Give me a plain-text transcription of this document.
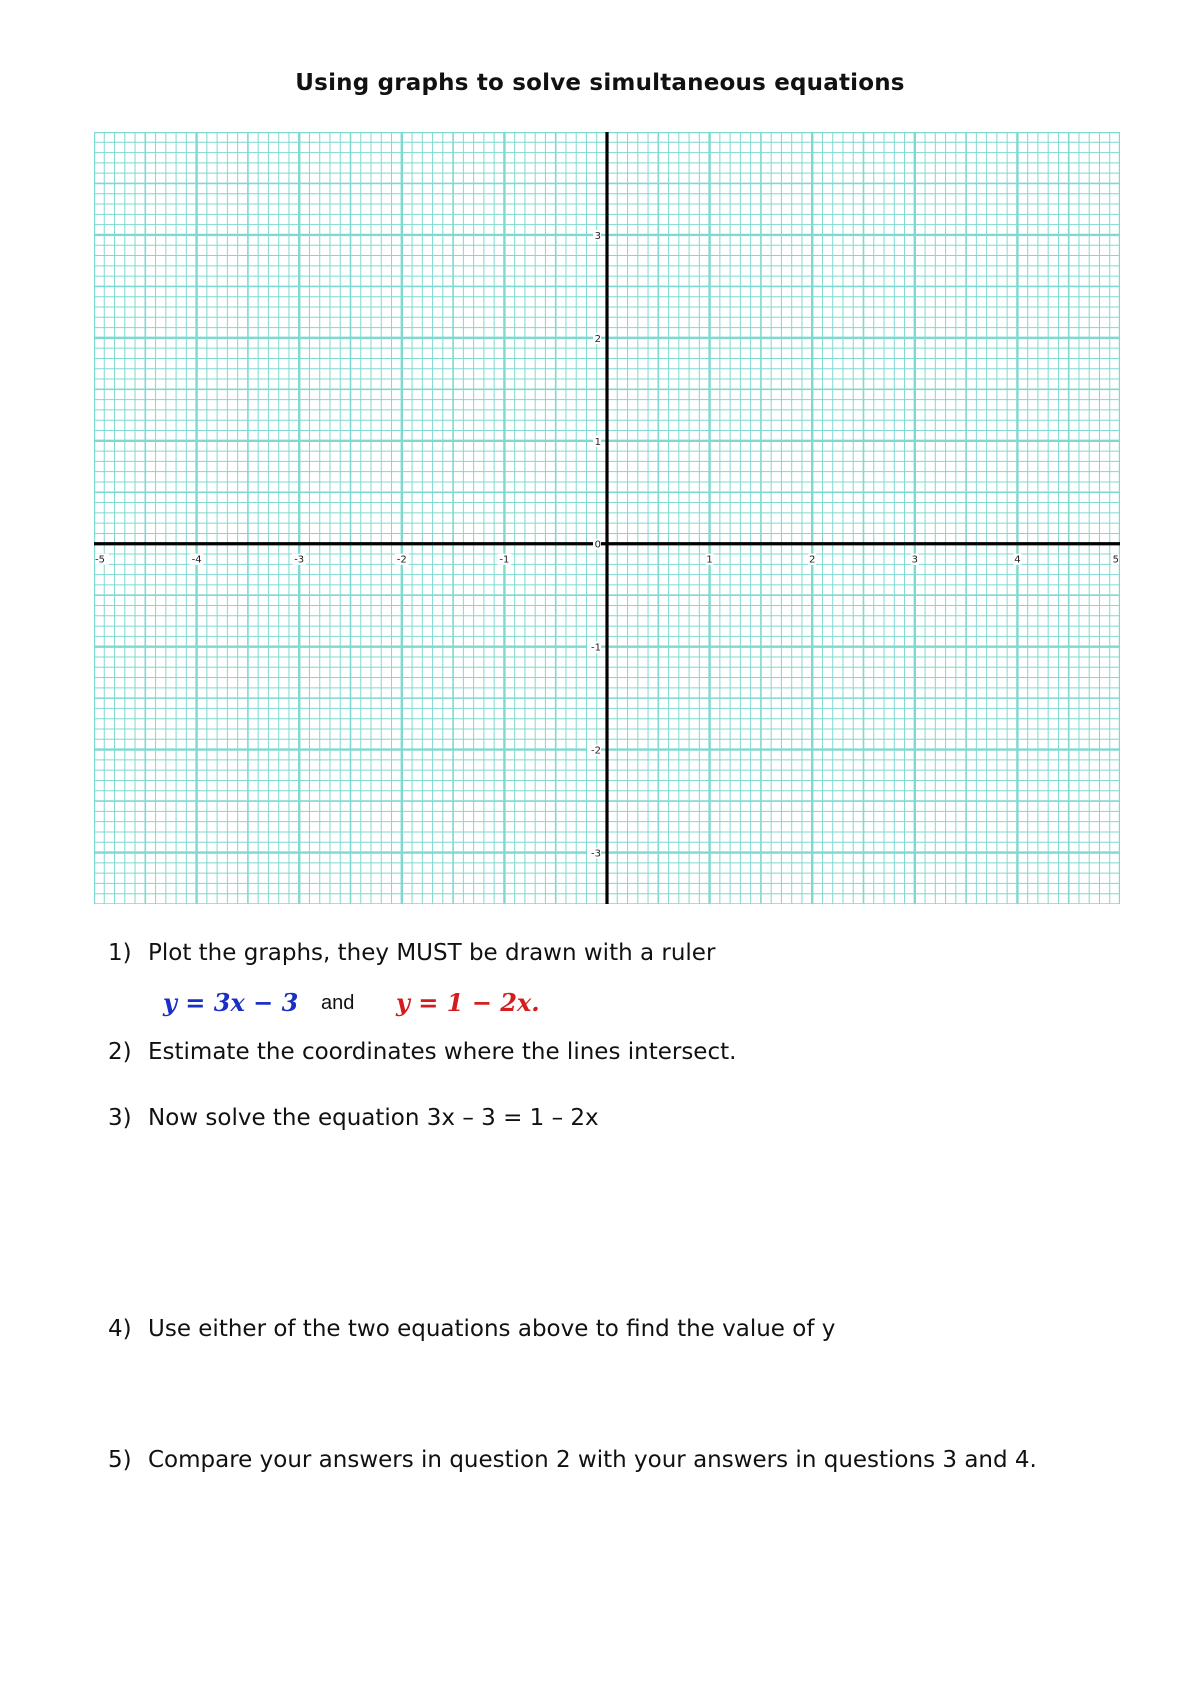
Using graphs to solve simultaneous equations
-5	-4	-3	-2	-1	1	2	3	4	5
3
2
1
0
-1
-2
-3
1) Plot the graphs, they MUST be drawn with a ruler
y = 3x − 3 and y = 1 − 2x.
2) Estimate the coordinates where the lines intersect.
3) Now solve the equation 3x – 3 = 1 – 2x
4) Use either of the two equations above to find the value of y
5) Compare your answers in question 2 with your answers in questions 3 and 4.
